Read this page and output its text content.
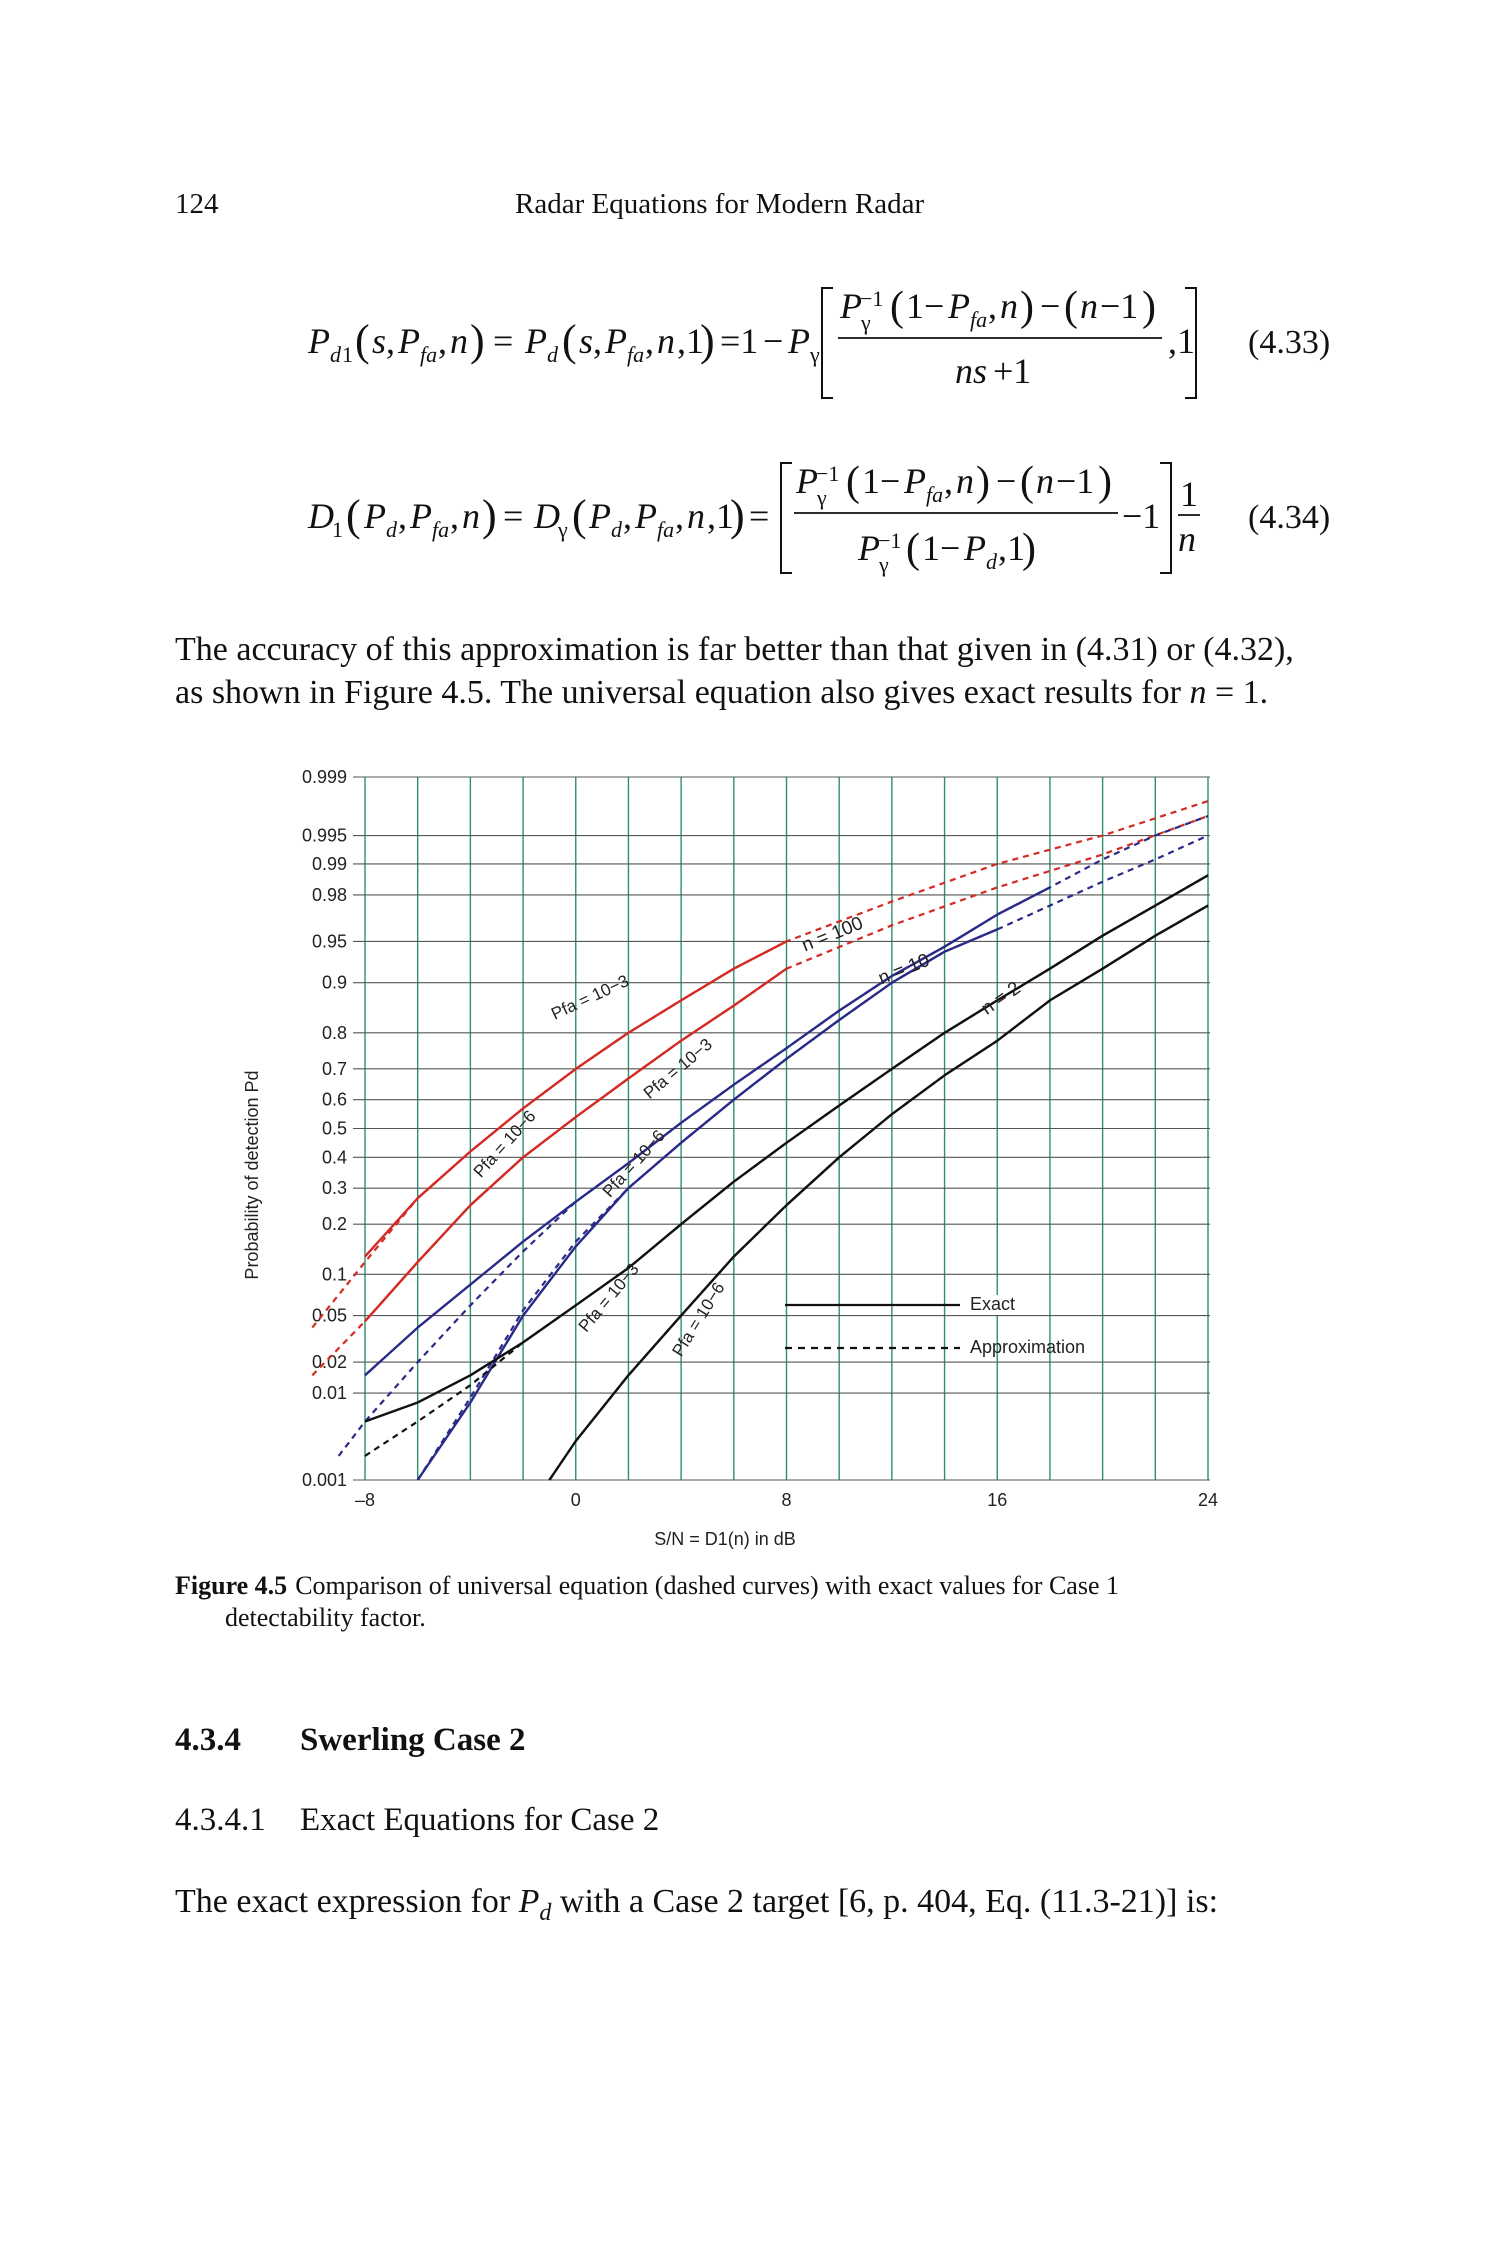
124	Radar Equations for Modern Radar
P d 1 ( s , P fa , n ) = P d ( s , P fa , n ,1
) =1 − P γ
P
−1
γ ( 1− P fa , n ) − ( n −1 )
ns +1
,1 (4.33)
D
1 ( P d , P fa , n ) = D
γ ( P d , P fa , n ,1
) =
P
−1
γ ( 1− P fa , n ) − ( n −1 )
P
−1
γ ( 1− P d ,1
)
−1
1
n
(4.34)
The accuracy of this approximation is far better than that given in (4.31) or (4.32),
as shown in Figure 4.5. The universal equation also gives exact results for n = 1.
0.001
0.01
0.02
0.05
0.1
0.2
0.3
0.4
0.5
0.6
0.7
0.8
0.9
0.95
0.98
0.99
0.995
0.999
–8	0	8	16	24
n = 100
n = 10
n = 2
Pfa = 10−3
Pfa = 10−6
Pfa = 10−3
Pfa = 10−6
Pfa = 10−3 Pfa = 10−6	Exact
Approximation
S/N = D1(n) in dB
Probability of detection Pd
Figure 4.5 Comparison of universal equation (dashed curves) with exact values for Case 1
detectability factor.
4.3.4 Swerling Case 2
4.3.4.1 Exact Equations for Case 2
The exact expression for $P_d$ with a Case 2 target [6, p. 404, Eq. (11.3-21)] is:
